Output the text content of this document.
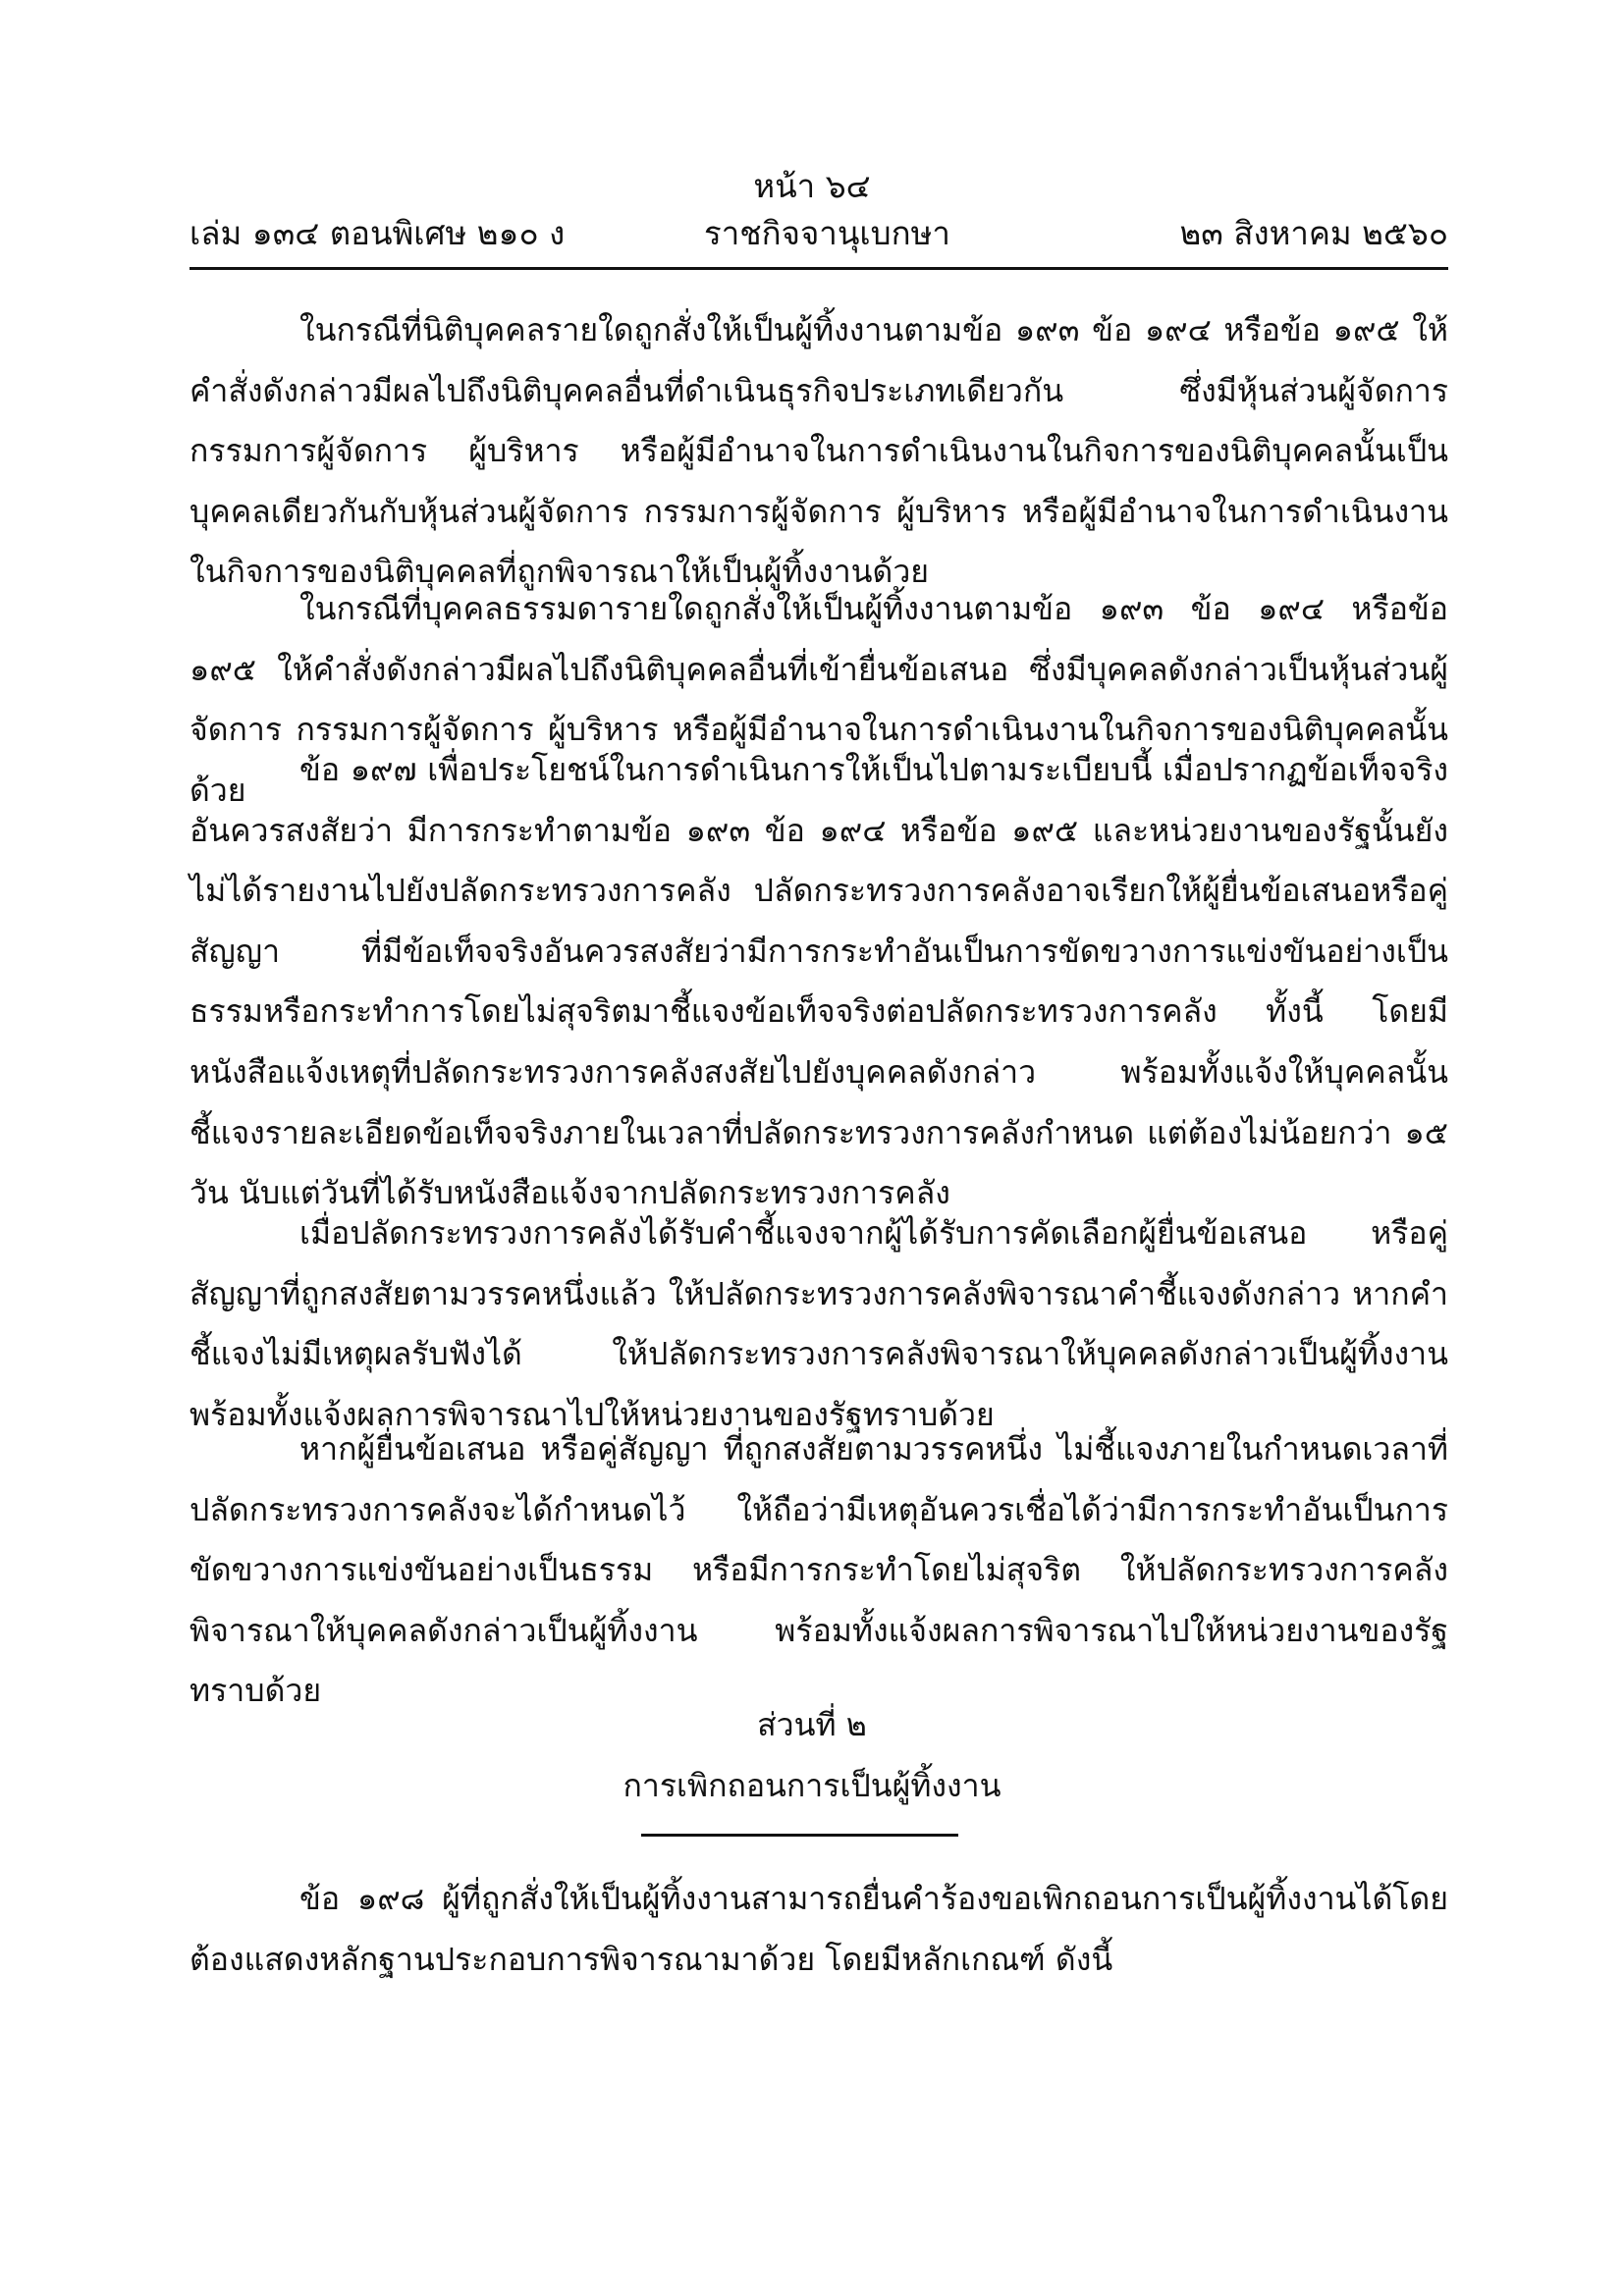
หน้า ๖๔
เล่ม ๑๓๔ ตอนพิเศษ ๒๑๐ ง	ราชกิจจานุเบกษา	๒๓ สิงหาคม ๒๕๖๐

ในกรณีที่นิติบุคคลรายใดถูกสั่งให้เป็นผู้ทิ้งงานตามข้อ ๑๙๓ ข้อ ๑๙๔ หรือข้อ ๑๙๕ ให้คำสั่งดังกล่าวมีผลไปถึงนิติบุคคลอื่นที่ดำเนินธุรกิจประเภทเดียวกัน ซึ่งมีหุ้นส่วนผู้จัดการ กรรมการผู้จัดการ ผู้บริหาร หรือผู้มีอำนาจในการดำเนินงานในกิจการของนิติบุคคลนั้นเป็นบุคคลเดียวกันกับหุ้นส่วนผู้จัดการ กรรมการผู้จัดการ ผู้บริหาร หรือผู้มีอำนาจในการดำเนินงานในกิจการของนิติบุคคลที่ถูกพิจารณาให้เป็นผู้ทิ้งงานด้วย

ในกรณีที่บุคคลธรรมดารายใดถูกสั่งให้เป็นผู้ทิ้งงานตามข้อ ๑๙๓ ข้อ ๑๙๔ หรือข้อ ๑๙๕ ให้คำสั่งดังกล่าวมีผลไปถึงนิติบุคคลอื่นที่เข้ายื่นข้อเสนอ ซึ่งมีบุคคลดังกล่าวเป็นหุ้นส่วนผู้จัดการ กรรมการผู้จัดการ ผู้บริหาร หรือผู้มีอำนาจในการดำเนินงานในกิจการของนิติบุคคลนั้นด้วย

ข้อ ๑๙๗ เพื่อประโยชน์ในการดำเนินการให้เป็นไปตามระเบียบนี้ เมื่อปรากฏข้อเท็จจริงอันควรสงสัยว่า มีการกระทำตามข้อ ๑๙๓ ข้อ ๑๙๔ หรือข้อ ๑๙๕ และหน่วยงานของรัฐนั้นยังไม่ได้รายงานไปยังปลัดกระทรวงการคลัง ปลัดกระทรวงการคลังอาจเรียกให้ผู้ยื่นข้อเสนอหรือคู่สัญญา ที่มีข้อเท็จจริงอันควรสงสัยว่ามีการกระทำอันเป็นการขัดขวางการแข่งขันอย่างเป็นธรรมหรือกระทำการโดยไม่สุจริตมาชี้แจงข้อเท็จจริงต่อปลัดกระทรวงการคลัง ทั้งนี้ โดยมีหนังสือแจ้งเหตุที่ปลัดกระทรวงการคลังสงสัยไปยังบุคคลดังกล่าว พร้อมทั้งแจ้งให้บุคคลนั้นชี้แจงรายละเอียดข้อเท็จจริงภายในเวลาที่ปลัดกระทรวงการคลังกำหนด แต่ต้องไม่น้อยกว่า ๑๕ วัน นับแต่วันที่ได้รับหนังสือแจ้งจากปลัดกระทรวงการคลัง

เมื่อปลัดกระทรวงการคลังได้รับคำชี้แจงจากผู้ได้รับการคัดเลือกผู้ยื่นข้อเสนอ หรือคู่สัญญาที่ถูกสงสัยตามวรรคหนึ่งแล้ว ให้ปลัดกระทรวงการคลังพิจารณาคำชี้แจงดังกล่าว หากคำชี้แจงไม่มีเหตุผลรับฟังได้ ให้ปลัดกระทรวงการคลังพิจารณาให้บุคคลดังกล่าวเป็นผู้ทิ้งงาน พร้อมทั้งแจ้งผลการพิจารณาไปให้หน่วยงานของรัฐทราบด้วย

หากผู้ยื่นข้อเสนอ หรือคู่สัญญา ที่ถูกสงสัยตามวรรคหนึ่ง ไม่ชี้แจงภายในกำหนดเวลาที่ปลัดกระทรวงการคลังจะได้กำหนดไว้ ให้ถือว่ามีเหตุอันควรเชื่อได้ว่ามีการกระทำอันเป็นการขัดขวางการแข่งขันอย่างเป็นธรรม หรือมีการกระทำโดยไม่สุจริต ให้ปลัดกระทรวงการคลังพิจารณาให้บุคคลดังกล่าวเป็นผู้ทิ้งงาน พร้อมทั้งแจ้งผลการพิจารณาไปให้หน่วยงานของรัฐทราบด้วย

ส่วนที่ ๒
การเพิกถอนการเป็นผู้ทิ้งงาน

ข้อ ๑๙๘ ผู้ที่ถูกสั่งให้เป็นผู้ทิ้งงานสามารถยื่นคำร้องขอเพิกถอนการเป็นผู้ทิ้งงานได้โดยต้องแสดงหลักฐานประกอบการพิจารณามาด้วย โดยมีหลักเกณฑ์ ดังนี้
